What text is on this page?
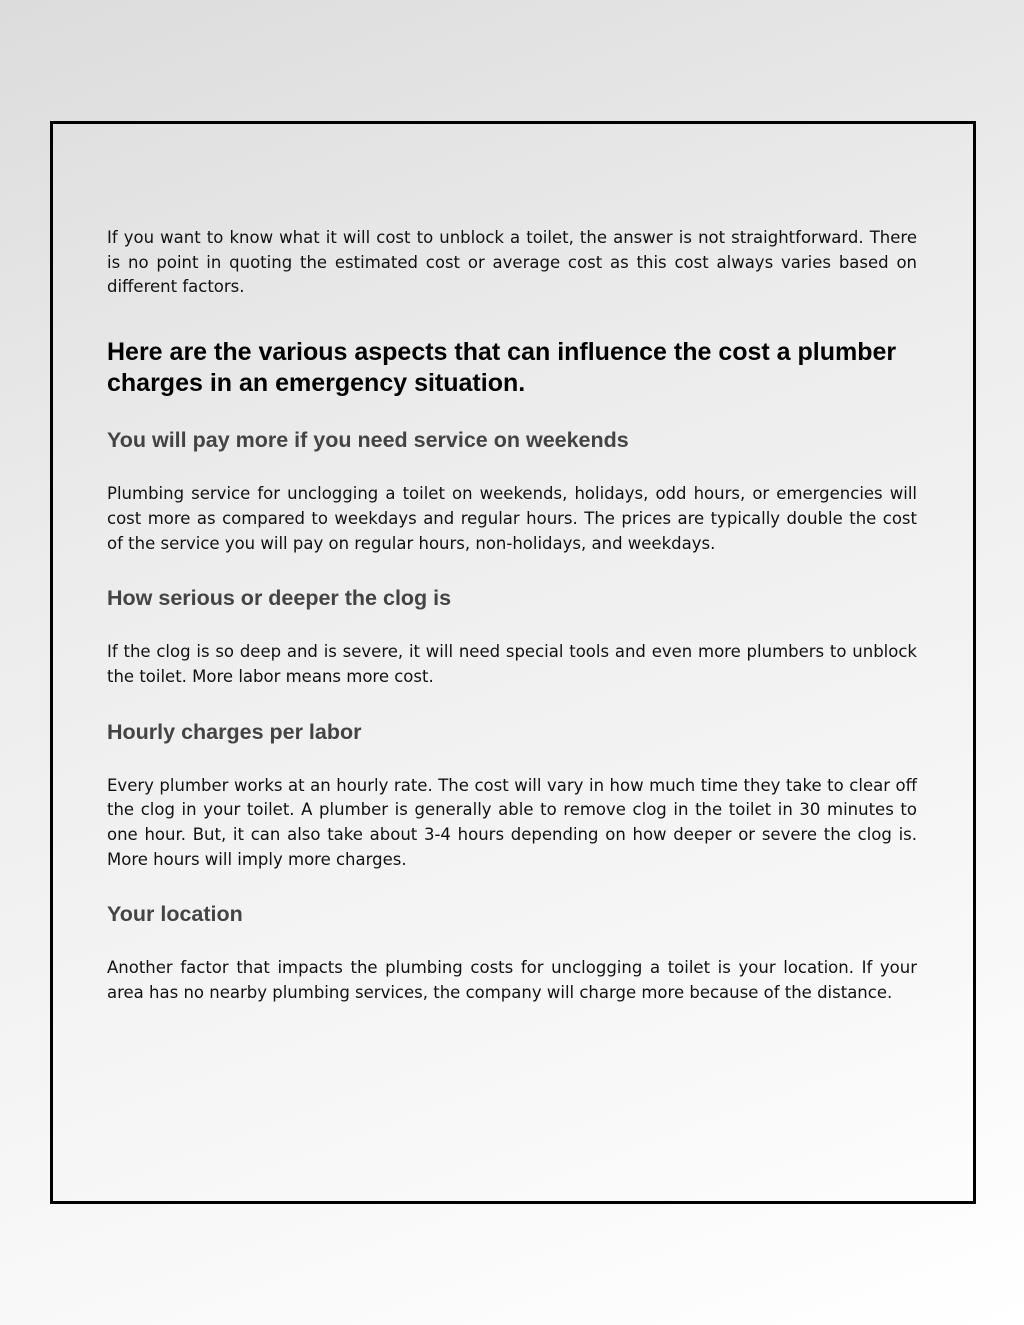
If you want to know what it will cost to unblock a toilet, the answer is not straightforward. There is no point in quoting the estimated cost or average cost as this cost always varies based on different factors.

Here are the various aspects that can influence the cost a plumber charges in an emergency situation.
You will pay more if you need service on weekends

Plumbing service for unclogging a toilet on weekends, holidays, odd hours, or emergencies will cost more as compared to weekdays and regular hours. The prices are typically double the cost of the service you will pay on regular hours, non-holidays, and weekdays.

How serious or deeper the clog is

If the clog is so deep and is severe, it will need special tools and even more plumbers to unblock the toilet. More labor means more cost.

Hourly charges per labor

Every plumber works at an hourly rate. The cost will vary in how much time they take to clear off the clog in your toilet. A plumber is generally able to remove clog in the toilet in 30 minutes to one hour. But, it can also take about 3-4 hours depending on how deeper or severe the clog is. More hours will imply more charges.

Your location

Another factor that impacts the plumbing costs for unclogging a toilet is your location. If your area has no nearby plumbing services, the company will charge more because of the distance.
